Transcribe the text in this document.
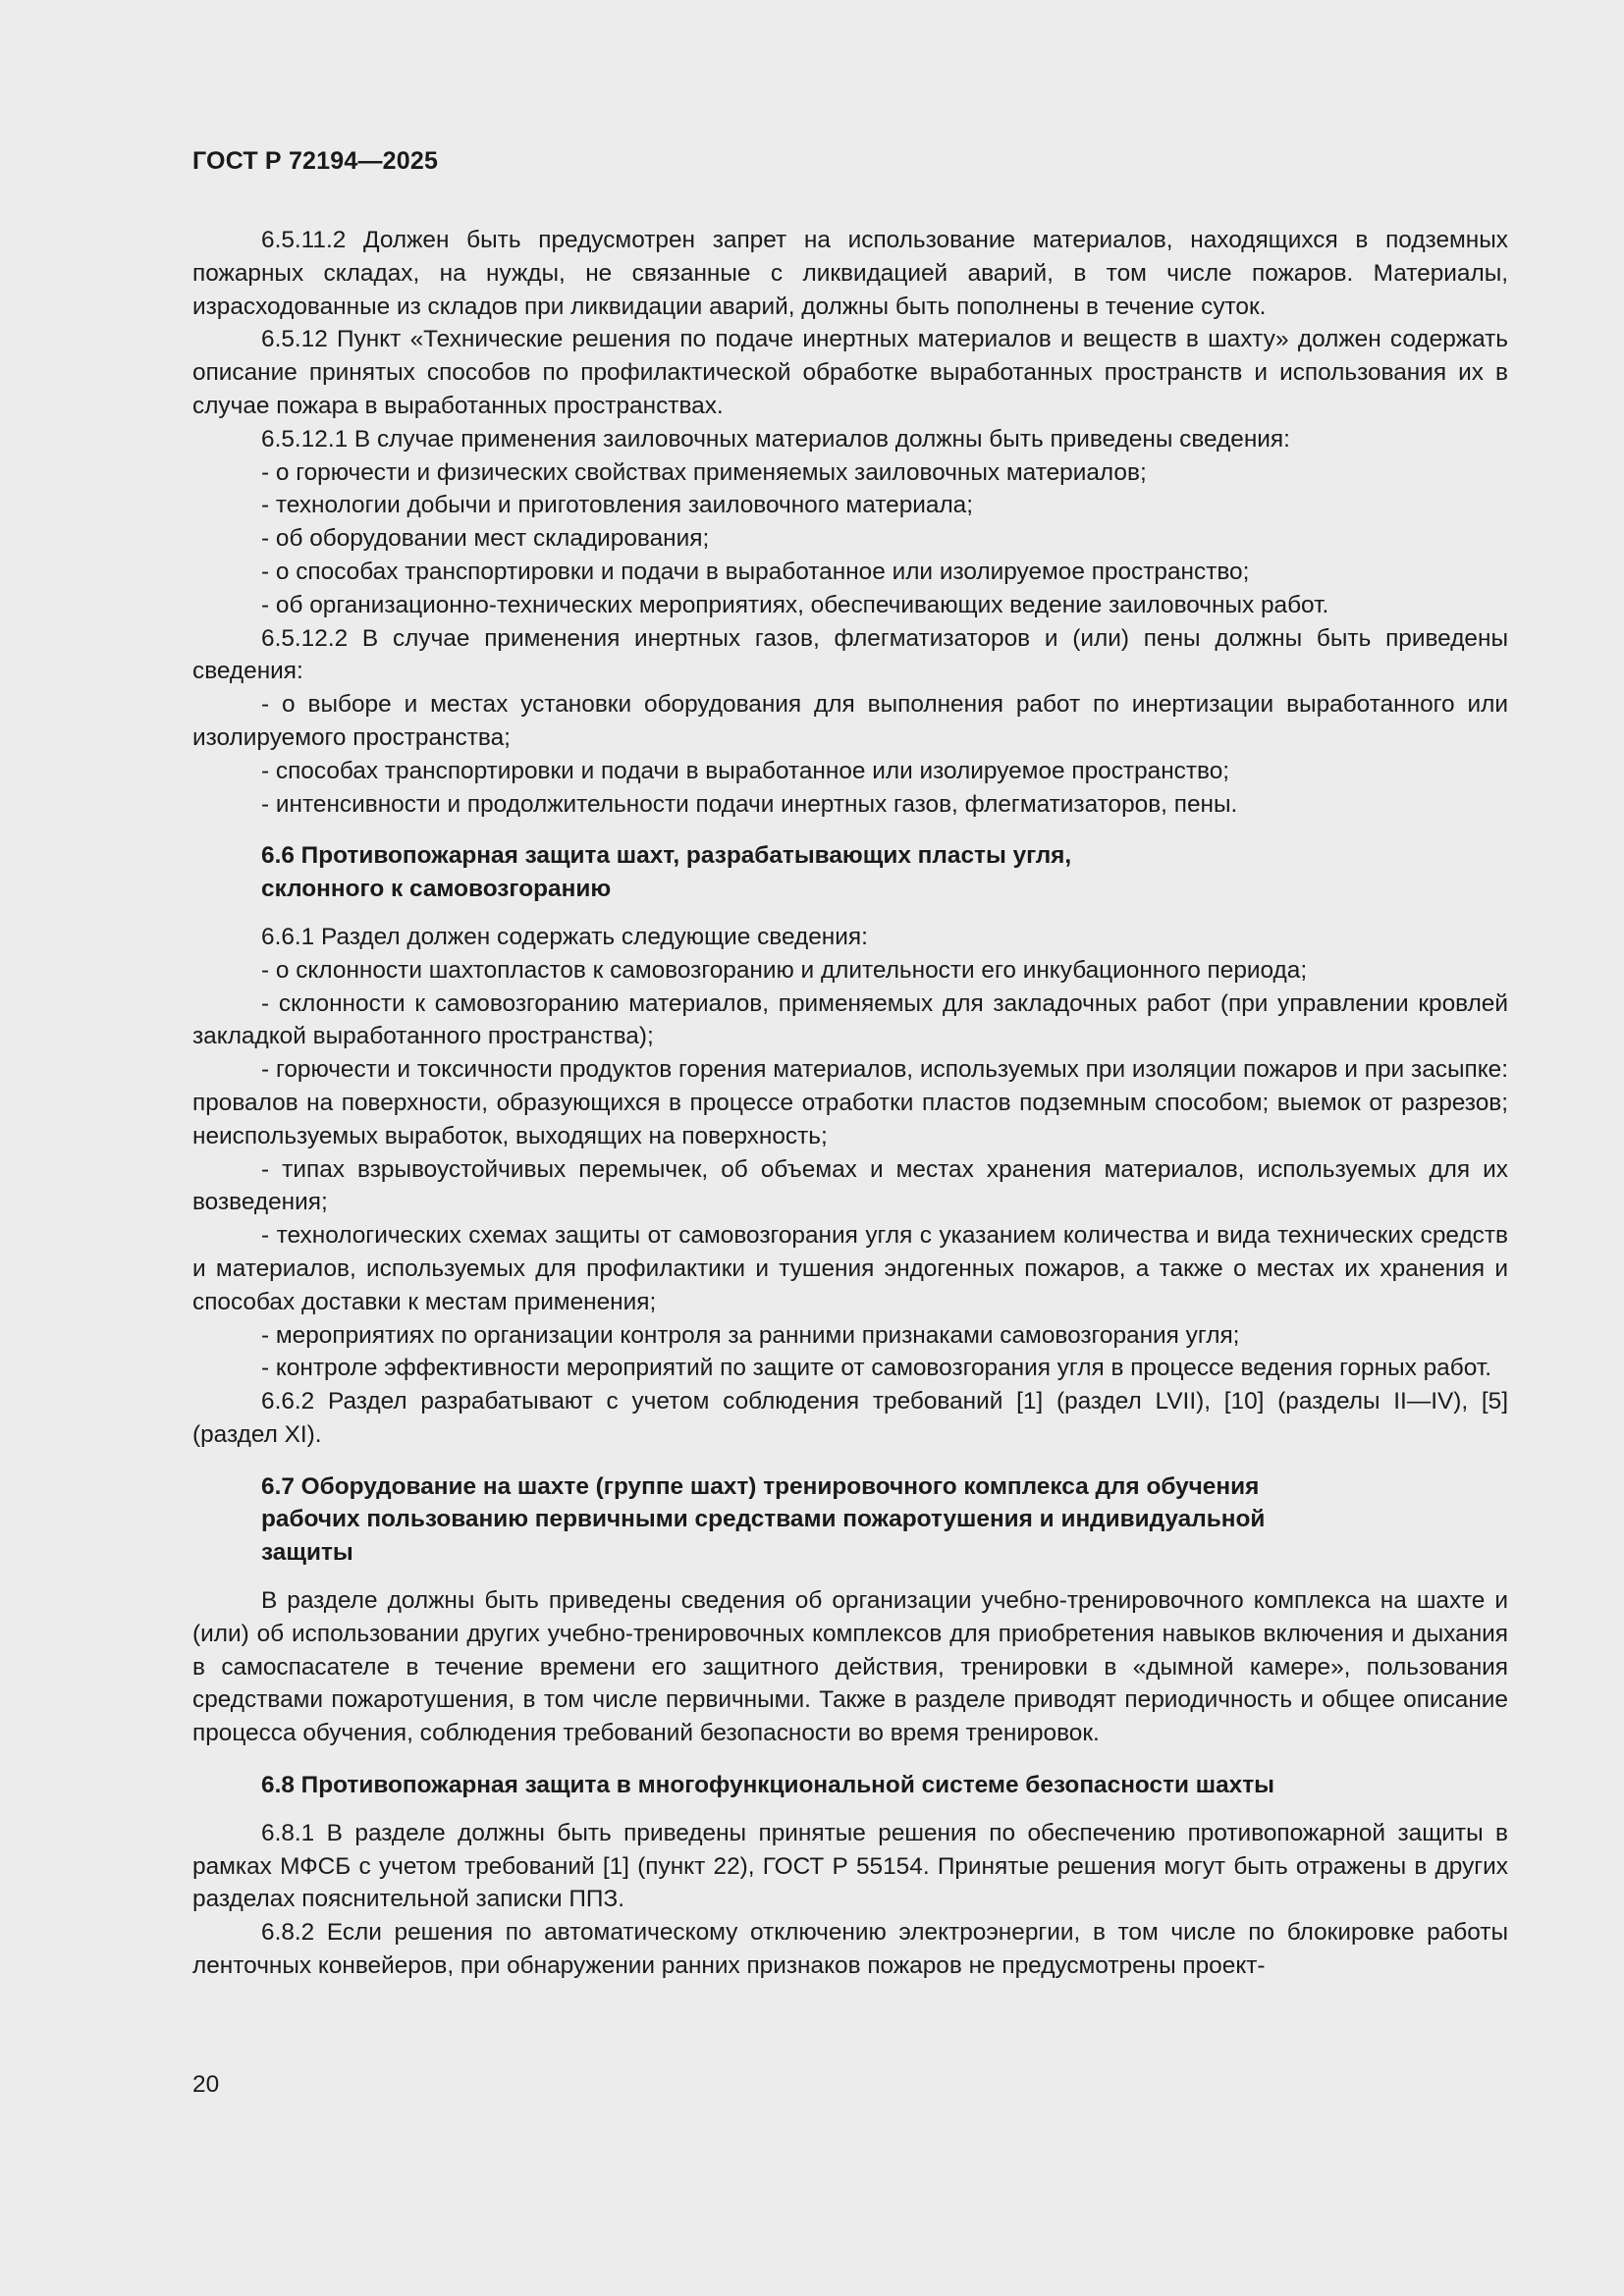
ГОСТ Р 72194—2025

6.5.11.2 Должен быть предусмотрен запрет на использование материалов, находящихся в подземных пожарных складах, на нужды, не связанные с ликвидацией аварий, в том числе пожаров. Материалы, израсходованные из складов при ликвидации аварий, должны быть пополнены в течение суток.

6.5.12 Пункт «Технические решения по подаче инертных материалов и веществ в шахту» должен содержать описание принятых способов по профилактической обработке выработанных пространств и использования их в случае пожара в выработанных пространствах.

6.5.12.1 В случае применения заиловочных материалов должны быть приведены сведения:

- о горючести и физических свойствах применяемых заиловочных материалов;

- технологии добычи и приготовления заиловочного материала;

- об оборудовании мест складирования;

- о способах транспортировки и подачи в выработанное или изолируемое пространство;

- об организационно-технических мероприятиях, обеспечивающих ведение заиловочных работ.

6.5.12.2 В случае применения инертных газов, флегматизаторов и (или) пены должны быть приведены сведения:

- о выборе и местах установки оборудования для выполнения работ по инертизации выработанного или изолируемого пространства;

- способах транспортировки и подачи в выработанное или изолируемое пространство;

- интенсивности и продолжительности подачи инертных газов, флегматизаторов, пены.

6.6 Противопожарная защита шахт, разрабатывающих пласты угля,
склонного к самовозгоранию

6.6.1 Раздел должен содержать следующие сведения:

- о склонности шахтопластов к самовозгоранию и длительности его инкубационного периода;

- склонности к самовозгоранию материалов, применяемых для закладочных работ (при управлении кровлей закладкой выработанного пространства);

- горючести и токсичности продуктов горения материалов, используемых при изоляции пожаров и при засыпке: провалов на поверхности, образующихся в процессе отработки пластов подземным способом; выемок от разрезов; неиспользуемых выработок, выходящих на поверхность;

- типах взрывоустойчивых перемычек, об объемах и местах хранения материалов, используемых для их возведения;

- технологических схемах защиты от самовозгорания угля с указанием количества и вида технических средств и материалов, используемых для профилактики и тушения эндогенных пожаров, а также о местах их хранения и способах доставки к местам применения;

- мероприятиях по организации контроля за ранними признаками самовозгорания угля;

- контроле эффективности мероприятий по защите от самовозгорания угля в процессе ведения горных работ.

6.6.2 Раздел разрабатывают с учетом соблюдения требований [1] (раздел LVII), [10] (разделы II—IV), [5] (раздел XI).

6.7 Оборудование на шахте (группе шахт) тренировочного комплекса для обучения
рабочих пользованию первичными средствами пожаротушения и индивидуальной
защиты

В разделе должны быть приведены сведения об организации учебно-тренировочного комплекса на шахте и (или) об использовании других учебно-тренировочных комплексов для приобретения навыков включения и дыхания в самоспасателе в течение времени его защитного действия, тренировки в «дымной камере», пользования средствами пожаротушения, в том числе первичными. Также в разделе приводят периодичность и общее описание процесса обучения, соблюдения требований безопасности во время тренировок.

6.8 Противопожарная защита в многофункциональной системе безопасности шахты

6.8.1 В разделе должны быть приведены принятые решения по обеспечению противопожарной защиты в рамках МФСБ с учетом требований [1] (пункт 22), ГОСТ Р 55154. Принятые решения могут быть отражены в других разделах пояснительной записки ППЗ.

6.8.2 Если решения по автоматическому отключению электроэнергии, в том числе по блокировке работы ленточных конвейеров, при обнаружении ранних признаков пожаров не предусмотрены проект-

20
